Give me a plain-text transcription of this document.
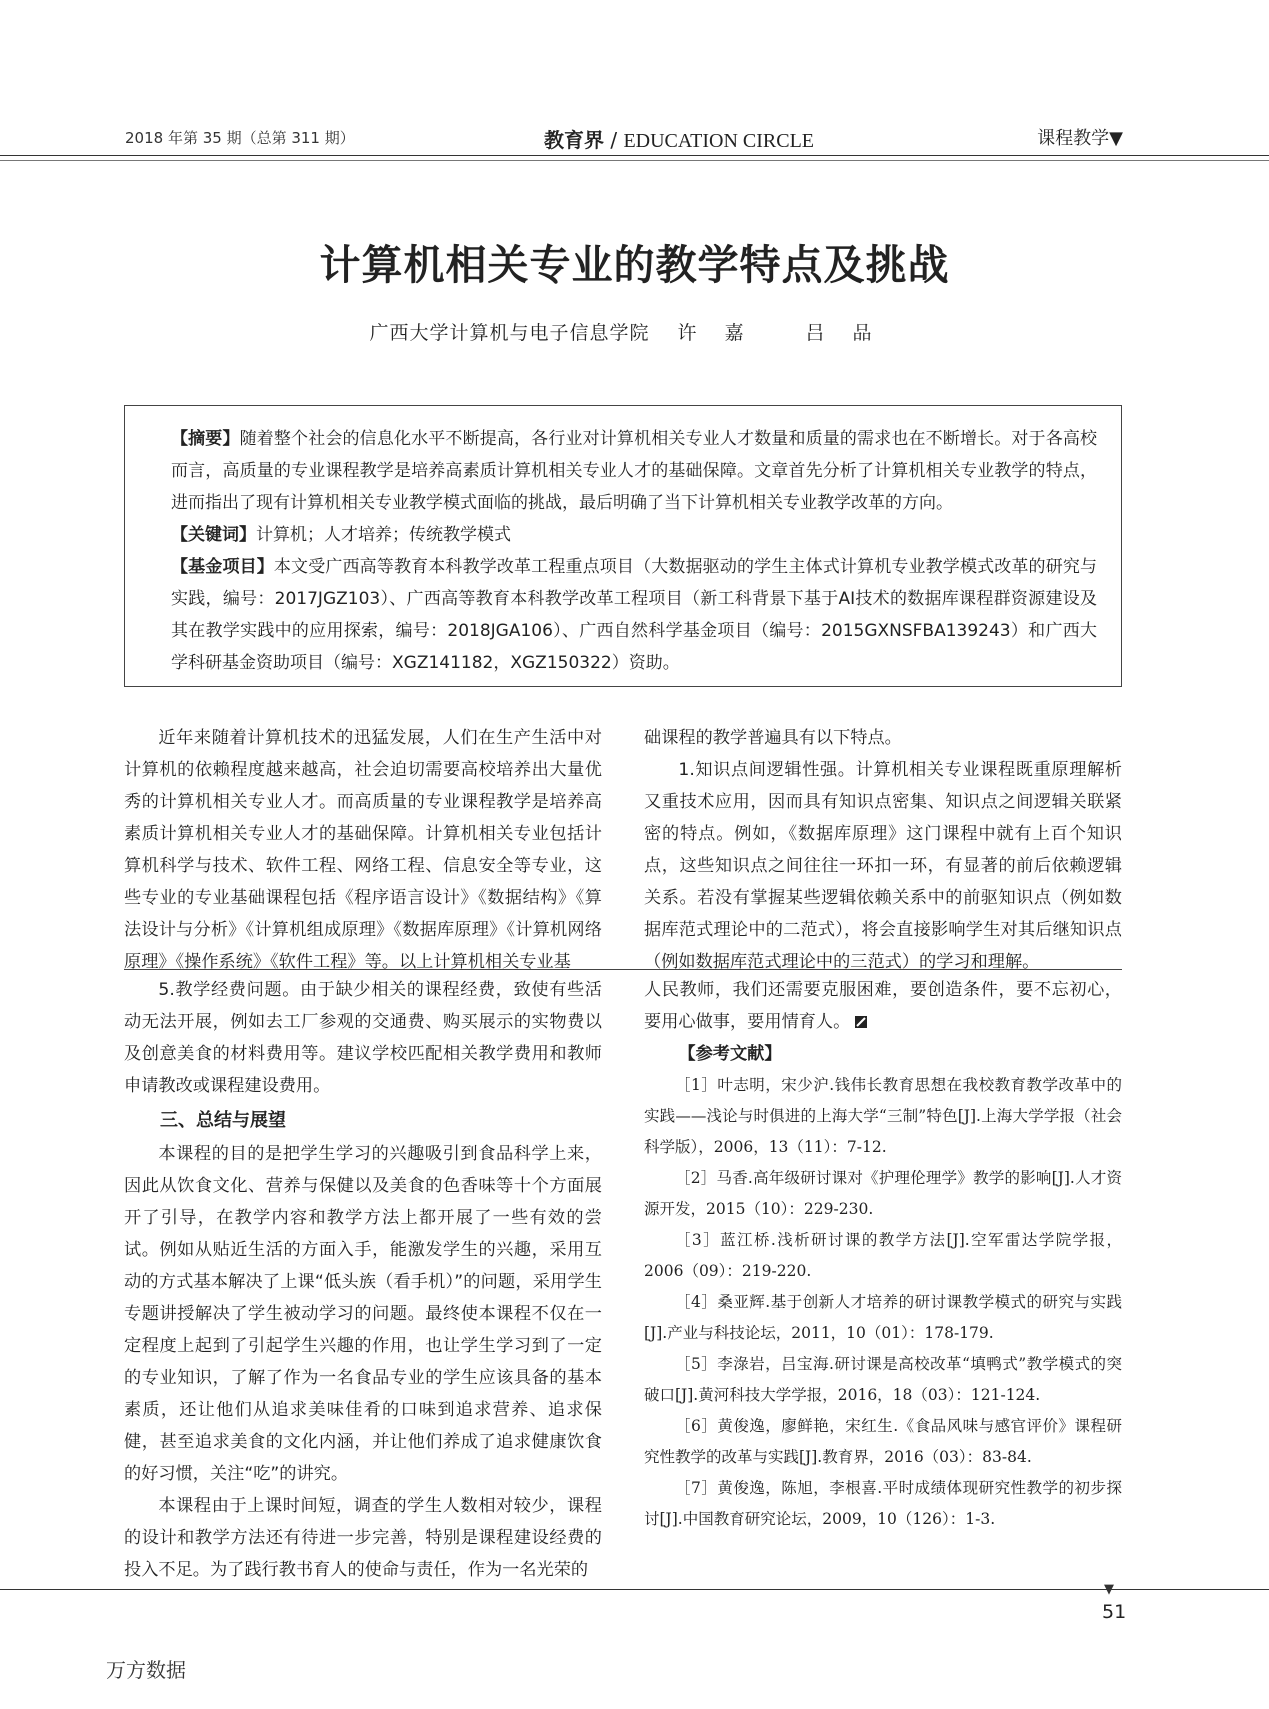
2018 年第 35 期（总第 311 期）	教育界 / EDUCATION CIRCLE	课程教学▼
计算机相关专业的教学特点及挑战
广西大学计算机与电子信息学院 许嘉 吕品

【摘要】随着整个社会的信息化水平不断提高，各行业对计算机相关专业人才数量和质量的需求也在不断增长。对于各高校而言，高质量的专业课程教学是培养高素质计算机相关专业人才的基础保障。文章首先分析了计算机相关专业教学的特点，进而指出了现有计算机相关专业教学模式面临的挑战，最后明确了当下计算机相关专业教学改革的方向。

【关键词】计算机；人才培养；传统教学模式

【基金项目】本文受广西高等教育本科教学改革工程重点项目（大数据驱动的学生主体式计算机专业教学模式改革的研究与实践，编号：2017JGZ103）、广西高等教育本科教学改革工程项目（新工科背景下基于AI技术的数据库课程群资源建设及其在教学实践中的应用探索，编号：2018JGA106）、广西自然科学基金项目（编号：2015GXNSFBA139243）和广西大学科研基金资助项目（编号：XGZ141182，XGZ150322）资助。

近年来随着计算机技术的迅猛发展，人们在生产生活中对计算机的依赖程度越来越高，社会迫切需要高校培养出大量优秀的计算机相关专业人才。而高质量的专业课程教学是培养高素质计算机相关专业人才的基础保障。计算机相关专业包括计算机科学与技术、软件工程、网络工程、信息安全等专业，这些专业的专业基础课程包括《程序语言设计》《数据结构》《算法设计与分析》《计算机组成原理》《数据库原理》《计算机网络原理》《操作系统》《软件工程》等。以上计算机相关专业基

础课程的教学普遍具有以下特点。

1.知识点间逻辑性强。计算机相关专业课程既重原理解析又重技术应用，因而具有知识点密集、知识点之间逻辑关联紧密的特点。例如，《数据库原理》这门课程中就有上百个知识点，这些知识点之间往往一环扣一环，有显著的前后依赖逻辑关系。若没有掌握某些逻辑依赖关系中的前驱知识点（例如数据库范式理论中的二范式），将会直接影响学生对其后继知识点（例如数据库范式理论中的三范式）的学习和理解。

5.教学经费问题。由于缺少相关的课程经费，致使有些活动无法开展，例如去工厂参观的交通费、购买展示的实物费以及创意美食的材料费用等。建议学校匹配相关教学费用和教师申请教改或课程建设费用。

三、总结与展望

本课程的目的是把学生学习的兴趣吸引到食品科学上来，因此从饮食文化、营养与保健以及美食的色香味等十个方面展开了引导，在教学内容和教学方法上都开展了一些有效的尝试。例如从贴近生活的方面入手，能激发学生的兴趣，采用互动的方式基本解决了上课“低头族（看手机）”的问题，采用学生专题讲授解决了学生被动学习的问题。最终使本课程不仅在一定程度上起到了引起学生兴趣的作用，也让学生学习到了一定的专业知识，了解了作为一名食品专业的学生应该具备的基本素质，还让他们从追求美味佳肴的口味到追求营养、追求保健，甚至追求美食的文化内涵，并让他们养成了追求健康饮食的好习惯，关注“吃”的讲究。

本课程由于上课时间短，调查的学生人数相对较少，课程的设计和教学方法还有待进一步完善，特别是课程建设经费的投入不足。为了践行教书育人的使命与责任，作为一名光荣的

人民教师，我们还需要克服困难，要创造条件，要不忘初心，要用心做事，要用情育人。

【参考文献】

［1］叶志明，宋少沪.钱伟长教育思想在我校教育教学改革中的实践——浅论与时俱进的上海大学“三制”特色[J].上海大学学报（社会科学版），2006，13（11）：7-12.

［2］马香.高年级研讨课对《护理伦理学》教学的影响[J].人才资源开发，2015（10）：229-230.

［3］蓝江桥.浅析研讨课的教学方法[J].空军雷达学院学报，2006（09）：219-220.

［4］桑亚辉.基于创新人才培养的研讨课教学模式的研究与实践[J].产业与科技论坛，2011，10（01）：178-179.

［5］李淥岩，吕宝海.研讨课是高校改革“填鸭式”教学模式的突破口[J].黄河科技大学学报，2016，18（03）：121-124.

［6］黄俊逸，廖鲜艳，宋红生.《食品风味与感官评价》课程研究性教学的改革与实践[J].教育界，2016（03）：83-84.

［7］黄俊逸，陈旭，李根喜.平时成绩体现研究性教学的初步探讨[J].中国教育研究论坛，2009，10（126）：1-3.

▼
51
万方数据
